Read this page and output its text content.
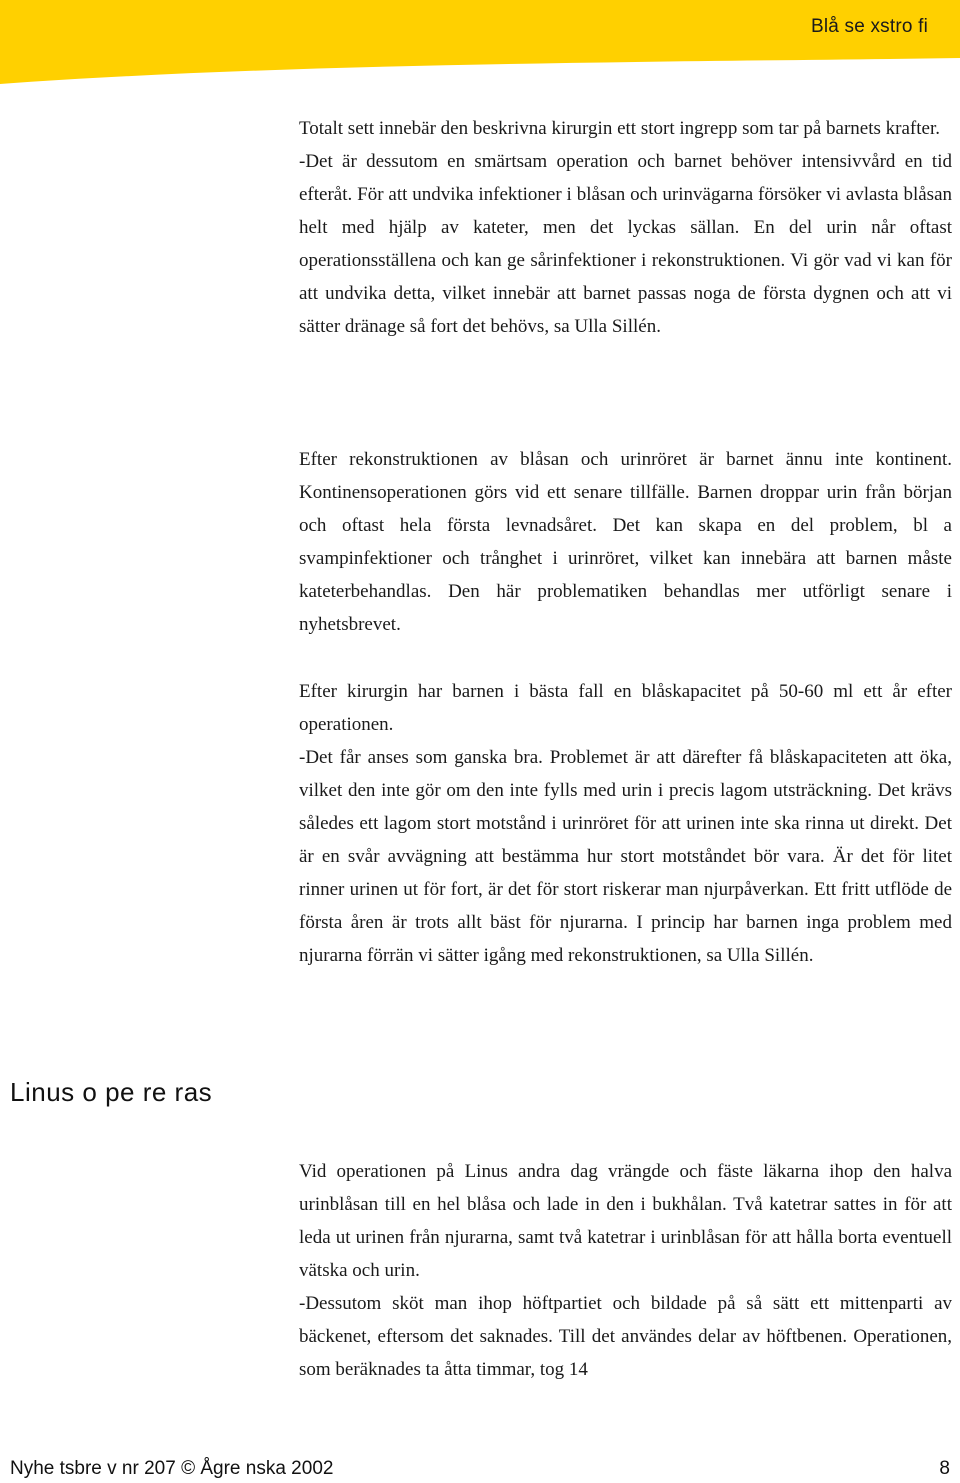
Blå se xstro fi

Totalt sett innebär den beskrivna kirurgin ett stort ingrepp som tar på barnets krafter.

-Det är dessutom en smärtsam operation och barnet behöver intensivvård en tid efteråt. För att undvika infektioner i blåsan och urinvägarna försöker vi avlasta blåsan helt med hjälp av kateter, men det lyckas sällan. En del urin når oftast operationsställena och kan ge sårinfektioner i rekonstruktionen. Vi gör vad vi kan för att undvika detta, vilket innebär att barnet passas noga de första dygnen och att vi sätter dränage så fort det behövs, sa Ulla Sillén.

Efter rekonstruktionen av blåsan och urinröret är barnet ännu inte kontinent. Kontinensoperationen görs vid ett senare tillfälle. Barnen droppar urin från början och oftast hela första levnadsåret. Det kan skapa en del problem, bl a svampinfektioner och trånghet i urinröret, vilket kan innebära att barnen måste kateterbehandlas. Den här problematiken behandlas mer utförligt senare i nyhetsbrevet.

Efter kirurgin har barnen i bästa fall en blåskapacitet på 50-60 ml ett år efter operationen.

-Det får anses som ganska bra. Problemet är att därefter få blåskapaciteten att öka, vilket den inte gör om den inte fylls med urin i precis lagom utsträckning. Det krävs således ett lagom stort motstånd i urinröret för att urinen inte ska rinna ut direkt. Det är en svår avvägning att bestämma hur stort motståndet bör vara. Är det för litet rinner urinen ut för fort, är det för stort riskerar man njurpåverkan. Ett fritt utflöde de första åren är trots allt bäst för njurarna. I princip har barnen inga problem med njurarna förrän vi sätter igång med rekonstruktionen, sa Ulla Sillén.

Linus o pe re ras

Vid operationen på Linus andra dag vrängde och fäste läkarna ihop den halva urinblåsan till en hel blåsa och lade in den i bukhålan. Två katetrar sattes in för att leda ut urinen från njurarna, samt två katetrar i urinblåsan för att hålla borta eventuell vätska och urin.

-Dessutom sköt man ihop höftpartiet och bildade på så sätt ett mittenparti av bäckenet, eftersom det saknades. Till det användes delar av höftbenen. Operationen, som beräknades ta åtta timmar, tog 14

Nyhe tsbre v nr 207 © Ågre nska 2002	8
